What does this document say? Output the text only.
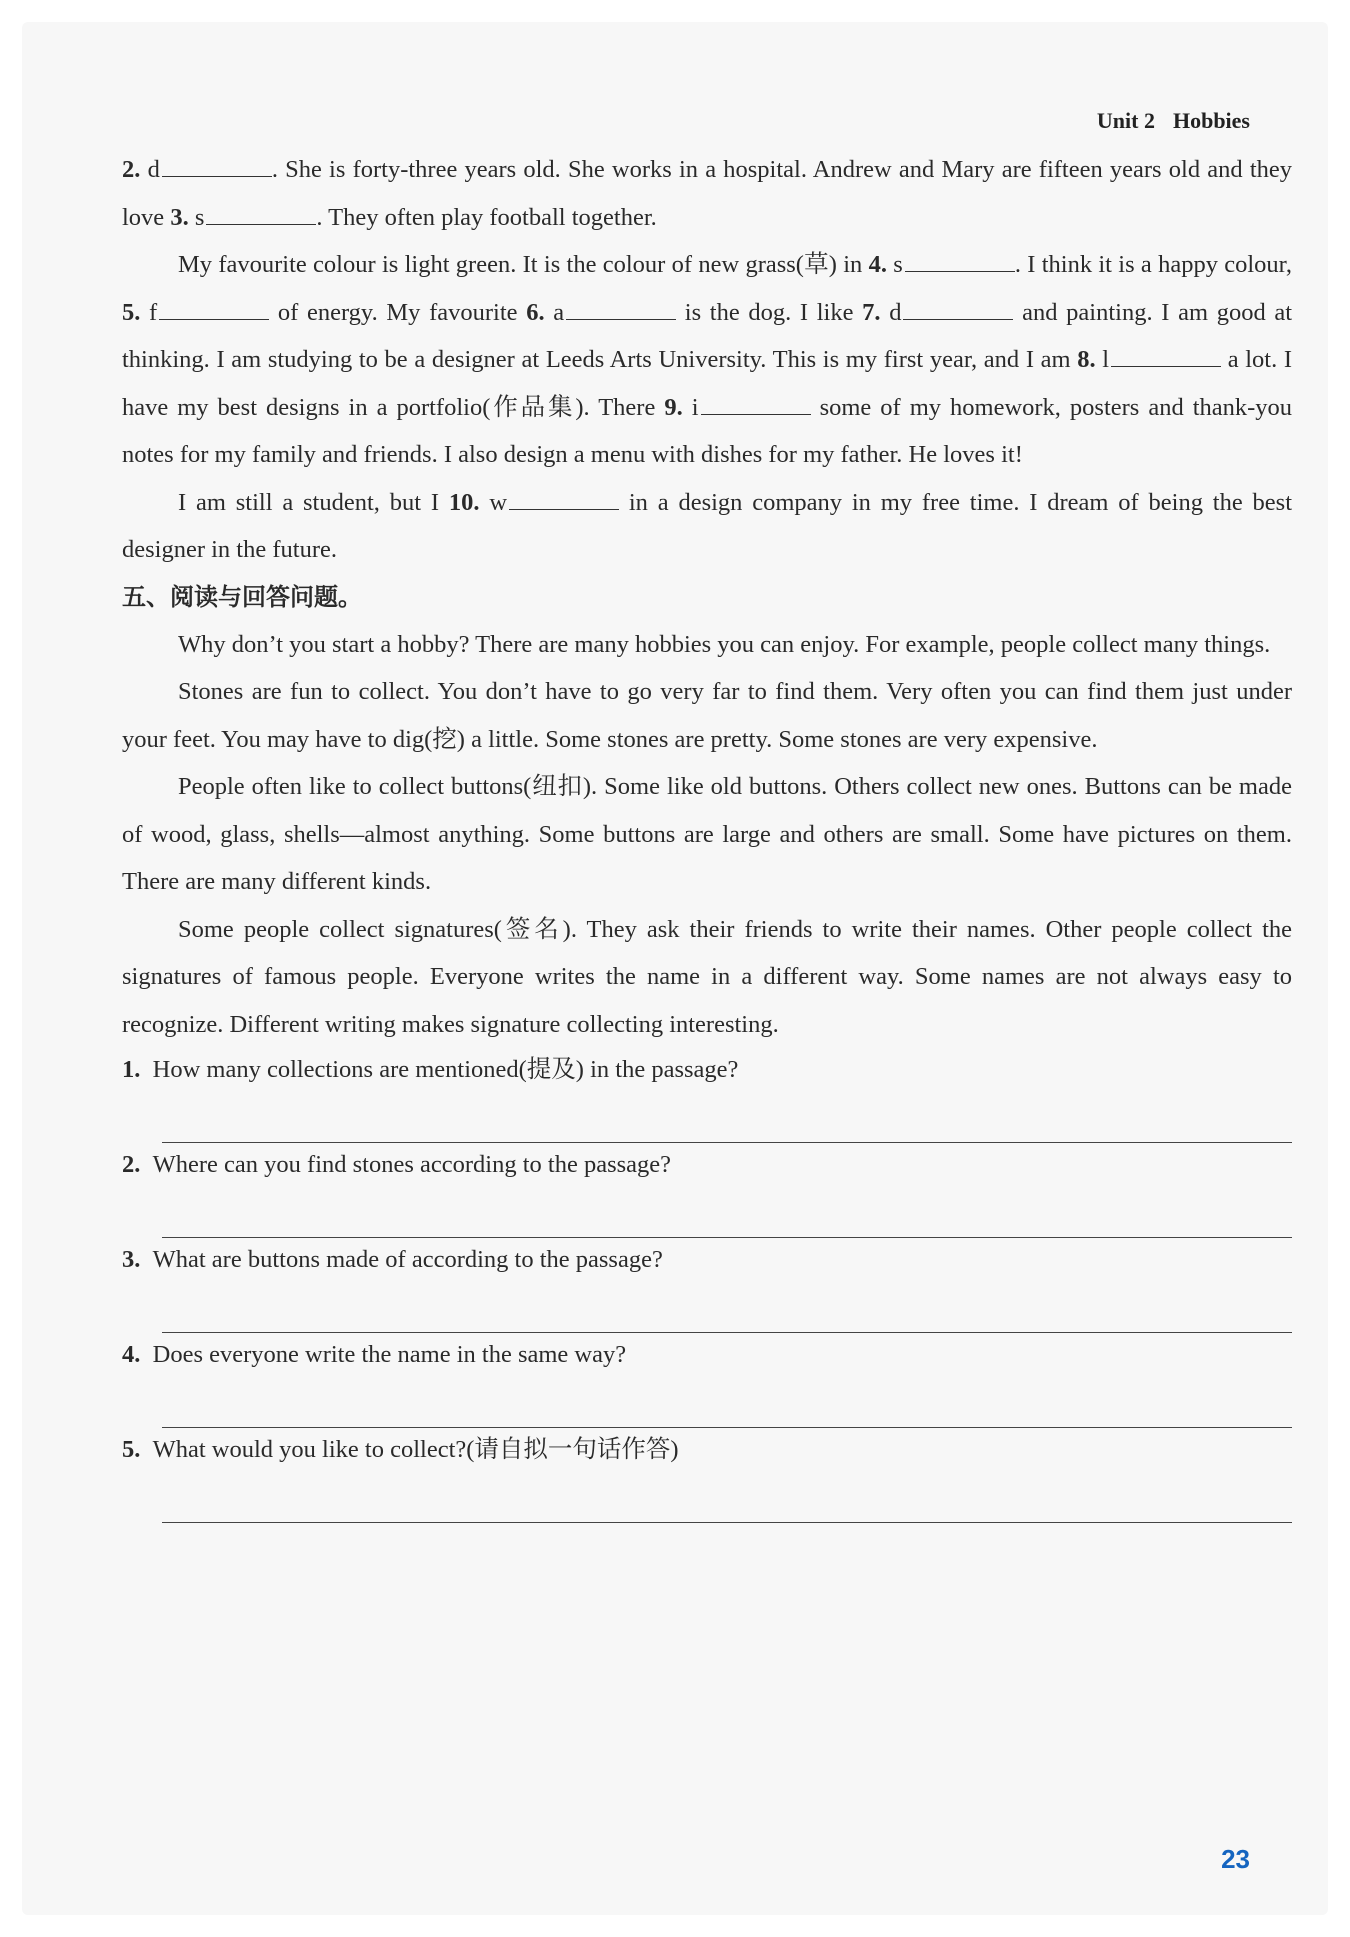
Unit 2 Hobbies

2. d	. She is forty-three years old. She works in a hospital. Andrew and Mary are fifteen years old and they love 3. s	. They often play football together.

My favourite colour is light green. It is the colour of new grass(草) in 4. s	. I think it is a happy colour, 5. f	of energy. My favourite 6. a	is the dog. I like 7. d	and painting. I am good at thinking. I am studying to be a designer at Leeds Arts University. This is my first year, and I am 8. l	a lot. I have my best designs in a portfolio(作品集). There 9. i	some of my homework, posters and thank-you notes for my family and friends. I also design a menu with dishes for my father. He loves it!

I am still a student, but I 10. w	in a design company in my free time. I dream of being the best designer in the future.

五、阅读与回答问题。

Why don’t you start a hobby? There are many hobbies you can enjoy. For example, people collect many things.

Stones are fun to collect. You don’t have to go very far to find them. Very often you can find them just under your feet. You may have to dig(挖) a little. Some stones are pretty. Some stones are very expensive.

People often like to collect buttons(纽扣). Some like old buttons. Others collect new ones. Buttons can be made of wood, glass, shells—almost anything. Some buttons are large and others are small. Some have pictures on them. There are many different kinds.

Some people collect signatures(签名). They ask their friends to write their names. Other people collect the signatures of famous people. Everyone writes the name in a different way. Some names are not always easy to recognize. Different writing makes signature collecting interesting.

1. How many collections are mentioned(提及) in the passage?

2. Where can you find stones according to the passage?

3. What are buttons made of according to the passage?

4. Does everyone write the name in the same way?

5. What would you like to collect?(请自拟一句话作答)

23
